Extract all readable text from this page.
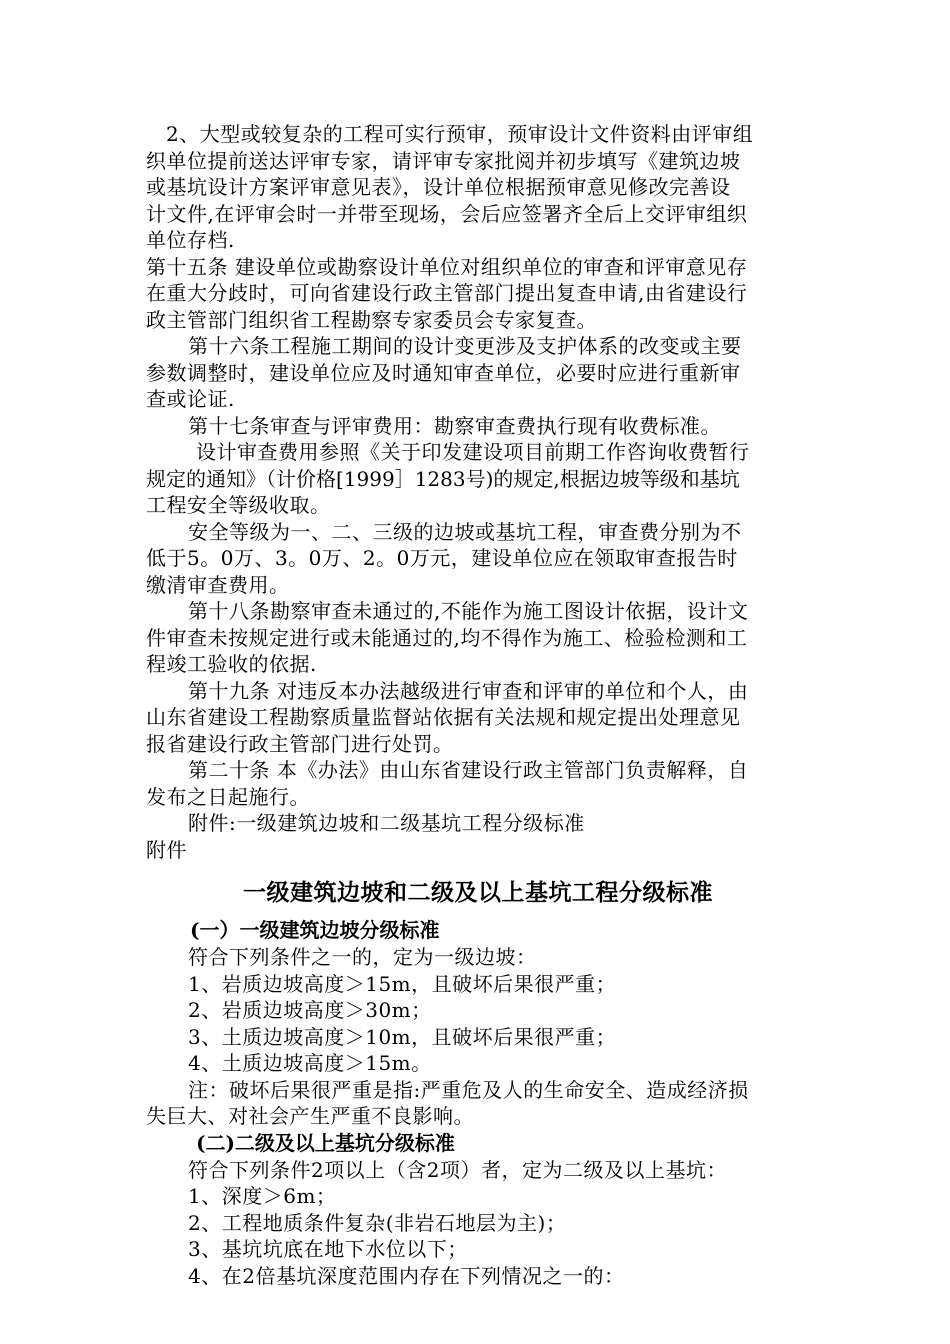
2、大型或较复杂的工程可实行预审，预审设计文件资料由评审组
织单位提前送达评审专家，请评审专家批阅并初步填写《建筑边坡
或基坑设计方案评审意见表》，设计单位根据预审意见修改完善设
计文件,在评审会时一并带至现场，会后应签署齐全后上交评审组织
单位存档.
第十五条 建设单位或勘察设计单位对组织单位的审查和评审意见存
在重大分歧时，可向省建设行政主管部门提出复查申请,由省建设行
政主管部门组织省工程勘察专家委员会专家复查。
第十六条工程施工期间的设计变更涉及支护体系的改变或主要
参数调整时，建设单位应及时通知审查单位，必要时应进行重新审
查或论证.
第十七条审查与评审费用：勘察审查费执行现有收费标准。
设计审查费用参照《关于印发建设项目前期工作咨询收费暂行
规定的通知》（计价格[1999］1283号)的规定,根据边坡等级和基坑
工程安全等级收取。
安全等级为一、二、三级的边坡或基坑工程，审查费分别为不
低于5。0万、3。0万、2。0万元，建设单位应在领取审查报告时
缴清审查费用。
第十八条勘察审查未通过的,不能作为施工图设计依据，设计文
件审查未按规定进行或未能通过的,均不得作为施工、检验检测和工
程竣工验收的依据.
第十九条 对违反本办法越级进行审查和评审的单位和个人，由
山东省建设工程勘察质量监督站依据有关法规和规定提出处理意见
报省建设行政主管部门进行处罚。
第二十条 本《办法》由山东省建设行政主管部门负责解释，自
发布之日起施行。
附件:一级建筑边坡和二级基坑工程分级标准
附件
一级建筑边坡和二级及以上基坑工程分级标准
(一）一级建筑边坡分级标准
符合下列条件之一的，定为一级边坡：
1、岩质边坡高度＞15m，且破坏后果很严重；
2、岩质边坡高度＞30m；
3、土质边坡高度＞10m，且破坏后果很严重；
4、土质边坡高度＞15m。
注：破坏后果很严重是指:严重危及人的生命安全、造成经济损
失巨大、对社会产生严重不良影响。
(二)二级及以上基坑分级标准
符合下列条件2项以上（含2项）者，定为二级及以上基坑：
1、深度＞6m；
2、工程地质条件复杂(非岩石地层为主)；
3、基坑坑底在地下水位以下；
4、在2倍基坑深度范围内存在下列情况之一的：
